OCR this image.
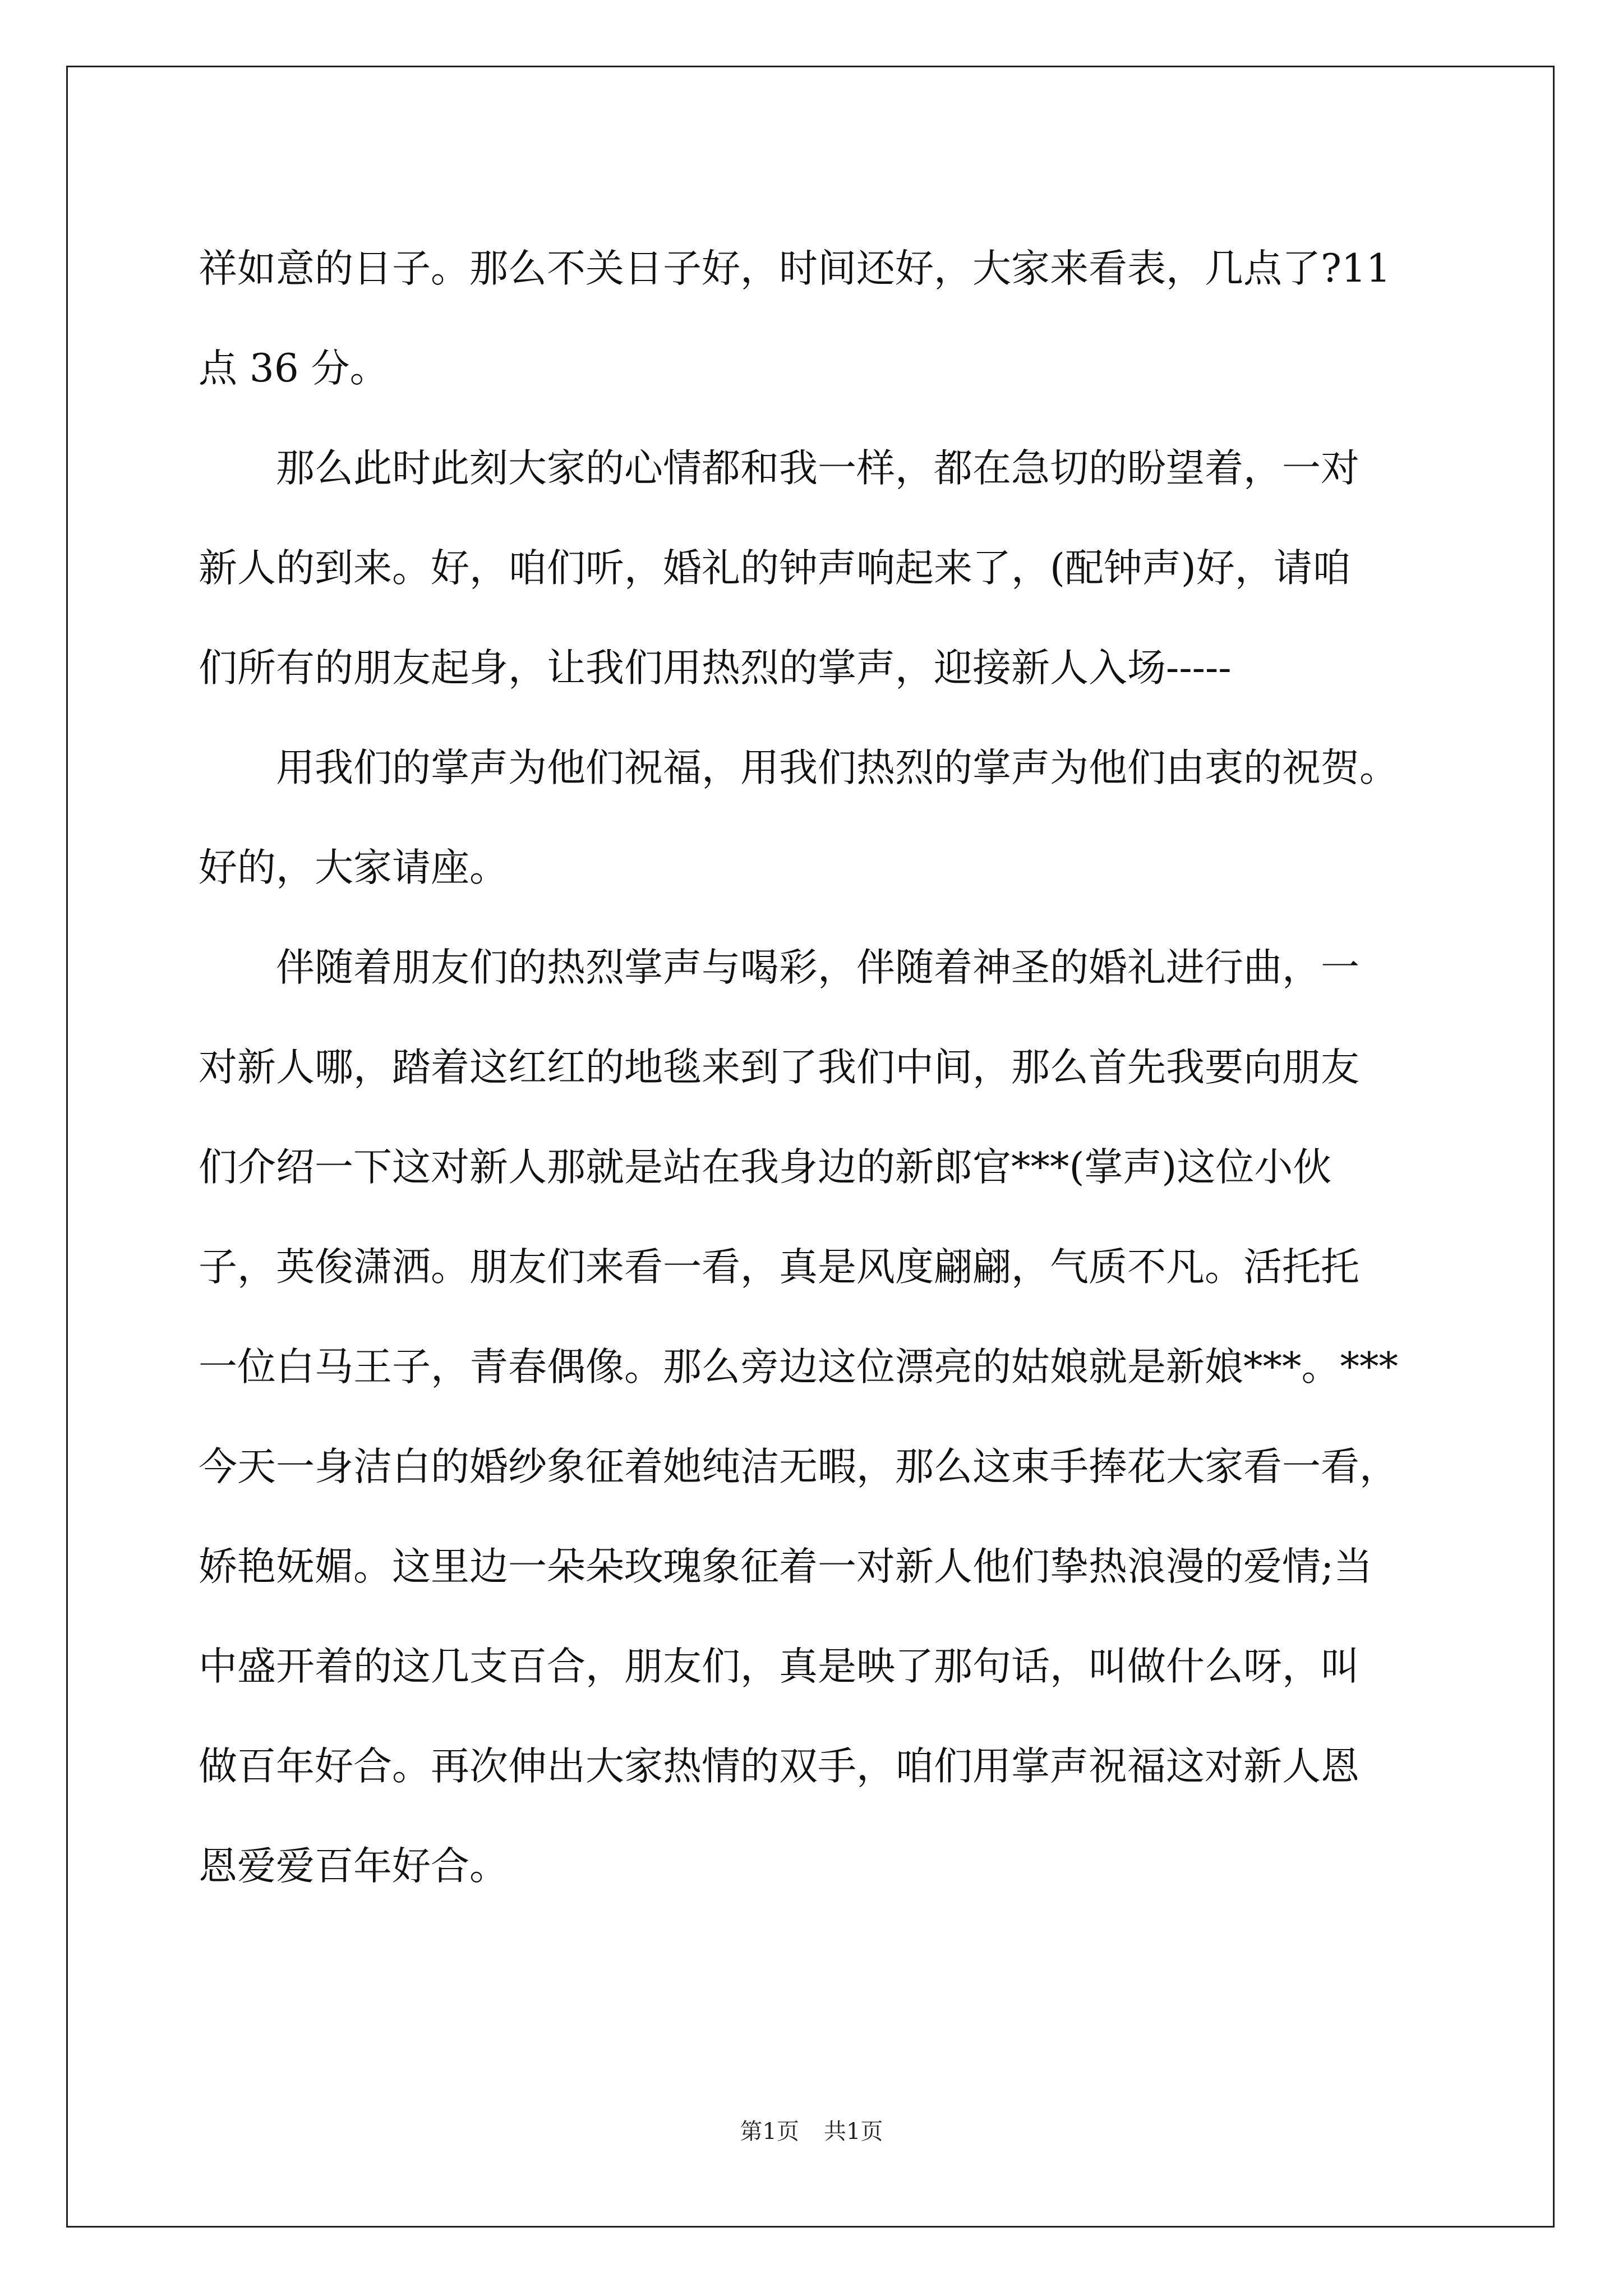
祥如意的日子。那么不关日子好，时间还好，大家来看表，几点了?11
点 36 分。
　　那么此时此刻大家的心情都和我一样，都在急切的盼望着，一对
新人的到来。好，咱们听，婚礼的钟声响起来了，(配钟声)好，请咱
们所有的朋友起身，让我们用热烈的掌声，迎接新人入场-----
　　用我们的掌声为他们祝福，用我们热烈的掌声为他们由衷的祝贺。
好的，大家请座。
　　伴随着朋友们的热烈掌声与喝彩，伴随着神圣的婚礼进行曲，一
对新人哪，踏着这红红的地毯来到了我们中间，那么首先我要向朋友
们介绍一下这对新人那就是站在我身边的新郎官***(掌声)这位小伙
子，英俊潇洒。朋友们来看一看，真是风度翩翩，气质不凡。活托托
一位白马王子，青春偶像。那么旁边这位漂亮的姑娘就是新娘***。***
今天一身洁白的婚纱象征着她纯洁无暇，那么这束手捧花大家看一看，
娇艳妩媚。这里边一朵朵玫瑰象征着一对新人他们挚热浪漫的爱情;当
中盛开着的这几支百合，朋友们，真是映了那句话，叫做什么呀，叫
做百年好合。再次伸出大家热情的双手，咱们用掌声祝福这对新人恩
恩爱爱百年好合。
第1页 共1页
